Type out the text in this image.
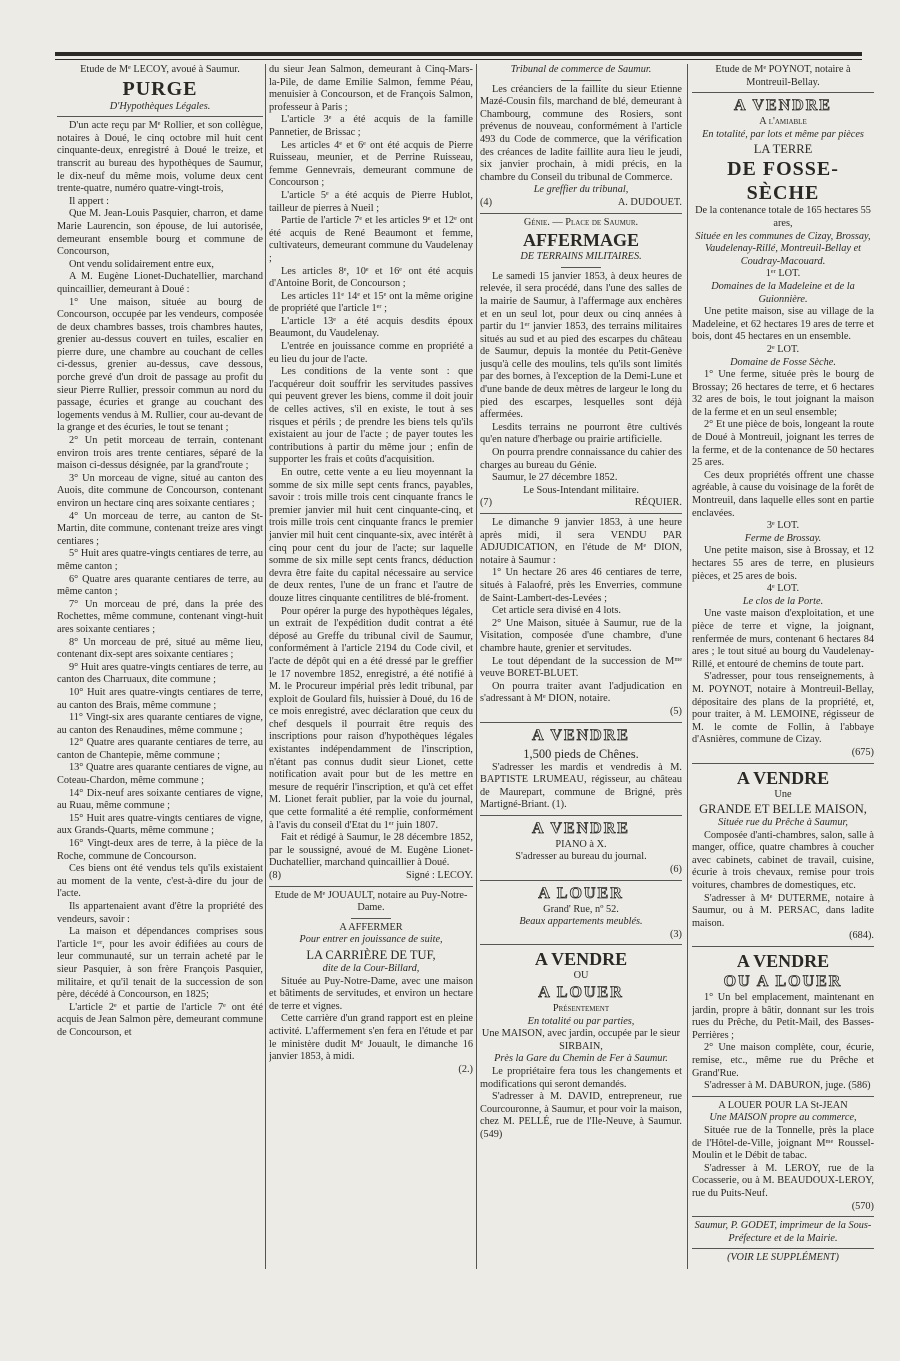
Etude de Mᵉ LECOY, avoué à Saumur.

PURGE

D'Hypothèques Légales.

D'un acte reçu par Mᵉ Rollier, et son collègue, notaires à Doué, le cinq octobre mil huit cent cinquante-deux, enregistré à Doué le treize, et transcrit au bureau des hypothèques de Saumur, le dix-neuf du même mois, volume deux cent trente-quatre, numéro quatre-vingt-trois,

Il appert :

Que M. Jean-Louis Pasquier, charron, et dame Marie Laurencin, son épouse, de lui autorisée, demeurant ensemble bourg et commune de Concourson,

Ont vendu solidairement entre eux,

A M. Eugène Lionet-Duchatellier, marchand quincaillier, demeurant à Doué :

1° Une maison, située au bourg de Concourson, occupée par les vendeurs, composée de deux chambres basses, trois chambres hautes, grenier au-dessus couvert en tuiles, escalier en pierre dure, une chambre au couchant de celles ci-dessus, grenier au-dessus, cave dessous, porche grevé d'un droit de passage au profit du sieur Pierre Rullier, pressoir commun au nord du passage, écuries et grange au couchant des logements vendus à M. Rullier, cour au-devant de la grange et des écuries, le tout se tenant ;

2° Un petit morceau de terrain, contenant environ trois ares trente centiares, séparé de la maison ci-dessus désignée, par la grand'route ;

3° Un morceau de vigne, situé au canton des Auois, dite commune de Concourson, contenant environ un hectare cinq ares soixante centiares ;

4° Un morceau de terre, au canton de St-Martin, dite commune, contenant treize ares vingt centiares ;

5° Huit ares quatre-vingts centiares de terre, au même canton ;

6° Quatre ares quarante centiares de terre, au même canton ;

7° Un morceau de pré, dans la prée des Rochettes, même commune, contenant vingt-huit ares soixante centiares ;

8° Un morceau de pré, situé au même lieu, contenant dix-sept ares soixante centiares ;

9° Huit ares quatre-vingts centiares de terre, au canton des Charruaux, dite commune ;

10° Huit ares quatre-vingts centiares de terre, au canton des Brais, même commune ;

11° Vingt-six ares quarante centiares de vigne, au canton des Renaudines, même commune ;

12° Quatre ares quarante centiares de terre, au canton de Chantepie, même commune ;

13° Quatre ares quarante centiares de vigne, au Coteau-Chardon, même commune ;

14° Dix-neuf ares soixante centiares de vigne, au Ruau, même commune ;

15° Huit ares quatre-vingts centiares de vigne, aux Grands-Quarts, même commune ;

16° Vingt-deux ares de terre, à la pièce de la Roche, commune de Concourson.

Ces biens ont été vendus tels qu'ils existaient au moment de la vente, c'est-à-dire du jour de l'acte.

Ils appartenaient avant d'être la propriété des vendeurs, savoir :

La maison et dépendances comprises sous l'article 1ᵉʳ, pour les avoir édifiées au cours de leur communauté, sur un terrain acheté par le sieur Pasquier, à son frère François Pasquier, militaire, et qu'il tenait de la succession de son père, décédé à Concourson, en 1825;

L'article 2ᵉ et partie de l'article 7ᵉ ont été acquis de Jean Salmon père, demeurant commune de Concourson, et

du sieur Jean Salmon, demeurant à Cinq-Mars-la-Pile, de dame Emilie Salmon, femme Péau, menuisier à Concourson, et de François Salmon, professeur à Paris ;

L'article 3ᵉ a été acquis de la famille Pannetier, de Brissac ;

Les articles 4ᵉ et 6ᵉ ont été acquis de Pierre Ruisseau, meunier, et de Perrine Ruisseau, femme Gennevrais, demeurant commune de Concourson ;

L'article 5ᵉ a été acquis de Pierre Hublot, tailleur de pierres à Nueil ;

Partie de l'article 7ᵉ et les articles 9ᵉ et 12ᵉ ont été acquis de René Beaumont et femme, cultivateurs, demeurant commune du Vaudelenay ;

Les articles 8ᵉ, 10ᵉ et 16ᵉ ont été acquis d'Antoine Borit, de Concourson ;

Les articles 11ᵉ 14ᵉ et 15ᵉ ont la même origine de propriété que l'article 1ᵉʳ ;

L'article 13ᵉ a été acquis desdits époux Beaumont, du Vaudelenay.

L'entrée en jouissance comme en propriété a eu lieu du jour de l'acte.

Les conditions de la vente sont : que l'acquéreur doit souffrir les servitudes passives qui peuvent grever les biens, comme il doit jouir de celles actives, s'il en existe, le tout à ses risques et périls ; de prendre les biens tels qu'ils existaient au jour de l'acte ; de payer toutes les contributions à partir du même jour ; enfin de supporter les frais et coûts d'acquisition.

En outre, cette vente a eu lieu moyennant la somme de six mille sept cents francs, payables, savoir : trois mille trois cent cinquante francs le premier janvier mil huit cent cinquante-cinq, et trois mille trois cent cinquante francs le premier janvier mil huit cent cinquante-six, avec intérêt à cinq pour cent du jour de l'acte; sur laquelle somme de six mille sept cents francs, déduction devra être faite du capital nécessaire au service de deux rentes, l'une de un franc et l'autre de douze litres cinquante centilitres de blé-froment.

Pour opérer la purge des hypothèques légales, un extrait de l'expédition dudit contrat a été déposé au Greffe du tribunal civil de Saumur, conformément à l'article 2194 du Code civil, et l'acte de dépôt qui en a été dressé par le greffier le 17 novembre 1852, enregistré, a été notifié à M. le Procureur impérial près ledit tribunal, par exploit de Goulard fils, huissier à Doué, du 16 de ce mois enregistré, avec déclaration que ceux du chef desquels il pourrait être requis des inscriptions pour raison d'hypothèques légales existantes indépendamment de l'inscription, n'étant pas connus dudit sieur Lionet, cette notification avait pour but de les mettre en mesure de requérir l'inscription, et qu'à cet effet M. Lionet ferait publier, par la voie du journal, que cette formalité a été remplie, conformément à l'avis du conseil d'Etat du 1ᵉʳ juin 1807.

Fait et rédigé à Saumur, le 28 décembre 1852, par le soussigné, avoué de M. Eugène Lionet-Duchatellier, marchand quincaillier à Doué.

(8)	Signé : LECOY.

Etude de Mᵉ JOUAULT, notaire au Puy-Notre-Dame.

A AFFERMER

Pour entrer en jouissance de suite,

LA CARRIÈRE DE TUF,

dite de la Cour-Billard,

Située au Puy-Notre-Dame, avec une maison et bâtiments de servitudes, et environ un hectare de terre et vignes.

Cette carrière d'un grand rapport est en pleine activité. L'affermement s'en fera en l'étude et par le ministère dudit Mᵉ Jouault, le dimanche 16 janvier 1853, à midi.

(2.)

Tribunal de commerce de Saumur.

Les créanciers de la faillite du sieur Etienne Mazé-Cousin fils, marchand de blé, demeurant à Chambourg, commune des Rosiers, sont prévenus de nouveau, conformément à l'article 493 du Code de commerce, que la vérification des créances de ladite faillite aura lieu le jeudi, six janvier prochain, à midi précis, en la chambre du Conseil du tribunal de Commerce.

Le greffier du tribunal,

(4)	A. DUDOUET.

Génie. — Place de Saumur.

AFFERMAGE

DE TERRAINS MILITAIRES.

Le samedi 15 janvier 1853, à deux heures de relevée, il sera procédé, dans l'une des salles de la mairie de Saumur, à l'affermage aux enchères et en un seul lot, pour deux ou cinq années à partir du 1ᵉʳ janvier 1853, des terrains militaires situés au sud et au pied des escarpes du château de Saumur, depuis la montée du Petit-Genève jusqu'à celle des moulins, tels qu'ils sont limités par des bornes, à l'exception de la Demi-Lune et d'une bande de deux mètres de largeur le long du pied des escarpes, lesquelles sont déjà affermées.

Lesdits terrains ne pourront être cultivés qu'en nature d'herbage ou prairie artificielle.

On pourra prendre connaissance du cahier des charges au bureau du Génie.

Saumur, le 27 décembre 1852.

Le Sous-Intendant militaire.

(7)	RÉQUIER.

Le dimanche 9 janvier 1853, à une heure après midi, il sera VENDU PAR ADJUDICATION, en l'étude de Mᵉ DION, notaire à Saumur :

1° Un hectare 26 ares 46 centiares de terre, situés à Falaofré, près les Enverries, commune de Saint-Lambert-des-Levées ;

Cet article sera divisé en 4 lots.

2° Une Maison, située à Saumur, rue de la Visitation, composée d'une chambre, d'une chambre haute, grenier et servitudes.

Le tout dépendant de la succession de Mᵐᵉ veuve BORET-BLUET.

On pourra traiter avant l'adjudication en s'adressant à Mᵉ DION, notaire.

(5)

A VENDRE
1,500 pieds de Chênes.

S'adresser les mardis et vendredis à M. BAPTISTE LRUMEAU, régisseur, au château de Maurepart, commune de Brigné, près Martigné-Briant. (1).

A VENDRE

PIANO à X.

S'adresser au bureau du journal.

(6)

A LOUER

Grand' Rue, nº 52.

Beaux appartements meublés.

(3)

A VENDRE

OU

A LOUER

Présentement

En totalité ou par parties,

Une MAISON, avec jardin, occupée par le sieur SIRBAIN,

Près la Gare du Chemin de Fer à Saumur.

Le propriétaire fera tous les changements et modifications qui seront demandés.

S'adresser à M. DAVID, entrepreneur, rue Courcouronne, à Saumur, et pour voir la maison, chez M. PELLÉ, rue de l'Ile-Neuve, à Saumur. (549)

Etude de Mᵉ POYNOT, notaire à Montreuil-Bellay.

A VENDRE

A l'amiable

En totalité, par lots et même par pièces

LA TERRE
DE FOSSE-SÈCHE

De la contenance totale de 165 hectares 55 ares,

Située en les communes de Cizay, Brossay, Vaudelenay-Rillé, Montreuil-Bellay et Coudray-Macouard.

1ᵉʳ LOT.

Domaines de la Madeleine et de la Guionnière.

Une petite maison, sise au village de la Madeleine, et 62 hectares 19 ares de terre et bois, dont 45 hectares en un ensemble.

2ᵉ LOT.

Domaine de Fosse Sèche.

1° Une ferme, située près le bourg de Brossay; 26 hectares de terre, et 6 hectares 32 ares de bois, le tout joignant la maison de la ferme et en un seul ensemble;

2° Et une pièce de bois, longeant la route de Doué à Montreuil, joignant les terres de la ferme, et de la contenance de 50 hectares 25 ares.

Ces deux propriétés offrent une chasse agréable, à cause du voisinage de la forêt de Montreuil, dans laquelle elles sont en partie enclavées.

3ᵉ LOT.

Ferme de Brossay.

Une petite maison, sise à Brossay, et 12 hectares 55 ares de terre, en plusieurs pièces, et 25 ares de bois.

4ᵉ LOT.

Le clos de la Porte.

Une vaste maison d'exploitation, et une pièce de terre et vigne, la joignant, renfermée de murs, contenant 6 hectares 84 ares ; le tout situé au bourg du Vaudelenay-Rillé, et entouré de chemins de toute part.

S'adresser, pour tous renseignements, à M. POYNOT, notaire à Montreuil-Bellay, dépositaire des plans de la propriété, et, pour traiter, à M. LEMOINE, régisseur de M. le comte de Follin, à l'abbaye d'Asnières, commune de Cizay.

(675)

A VENDRE

Une

GRANDE ET BELLE MAISON,

Située rue du Prêche à Saumur,

Composée d'anti-chambres, salon, salle à manger, office, quatre chambres à coucher avec cabinets, cabinet de travail, cuisine, écurie à trois chevaux, remise pour trois voitures, chambres de domestiques, etc.

S'adresser à Mᵉ DUTERME, notaire à Saumur, ou à M. PERSAC, dans ladite maison.

(684).

A VENDRE
OU A LOUER

1° Un bel emplacement, maintenant en jardin, propre à bâtir, donnant sur les trois rues du Prêche, du Petit-Mail, des Basses-Perrières ;

2° Une maison complète, cour, écurie, remise, etc., même rue du Prêche et Grand'Rue.

S'adresser à M. DABURON, juge. (586)

A LOUER POUR LA St-JEAN

Une MAISON propre au commerce,

Située rue de la Tonnelle, près la place de l'Hôtel-de-Ville, joignant Mᵐᵉ Roussel-Moulin et le Débit de tabac.

S'adresser à M. LEROY, rue de la Cocasserie, ou à M. BEAUDOUX-LEROY, rue du Puits-Neuf.

(570)

Saumur, P. GODET, imprimeur de la Sous-Préfecture et de la Mairie.

(VOIR LE SUPPLÉMENT)
